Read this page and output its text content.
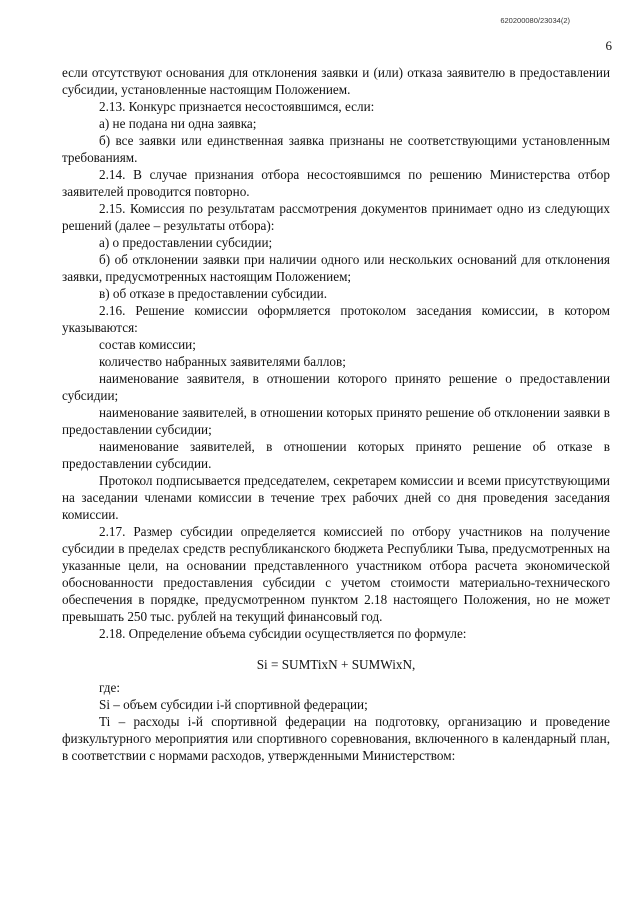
620200080/23034(2)
6

если отсутствуют основания для отклонения заявки и (или) отказа заявителю в предоставлении субсидии, установленные настоящим Положением.

2.13. Конкурс признается несостоявшимся, если:

а) не подана ни одна заявка;

б) все заявки или единственная заявка признаны не соответствующими установленным требованиям.

2.14. В случае признания отбора несостоявшимся по решению Министерства отбор заявителей проводится повторно.

2.15. Комиссия по результатам рассмотрения документов принимает одно из следующих решений (далее – результаты отбора):

а) о предоставлении субсидии;

б) об отклонении заявки при наличии одного или нескольких оснований для отклонения заявки, предусмотренных настоящим Положением;

в) об отказе в предоставлении субсидии.

2.16. Решение комиссии оформляется протоколом заседания комиссии, в котором указываются:

состав комиссии;

количество набранных заявителями баллов;

наименование заявителя, в отношении которого принято решение о предоставлении субсидии;

наименование заявителей, в отношении которых принято решение об отклонении заявки в предоставлении субсидии;

наименование заявителей, в отношении которых принято решение об отказе в предоставлении субсидии.

Протокол подписывается председателем, секретарем комиссии и всеми присутствующими на заседании членами комиссии в течение трех рабочих дней со дня проведения заседания комиссии.

2.17. Размер субсидии определяется комиссией по отбору участников на получение субсидии в пределах средств республиканского бюджета Республики Тыва, предусмотренных на указанные цели, на основании представленного участником отбора расчета экономической обоснованности предоставления субсидии с учетом стоимости материально-технического обеспечения в порядке, предусмотренном пунктом 2.18 настоящего Положения, но не может превышать 250 тыс. рублей на текущий финансовый год.

2.18. Определение объема субсидии осуществляется по формуле:

Si = SUMTixN + SUMWixN,

где:

Si – объем субсидии i-й спортивной федерации;

Ti – расходы i-й спортивной федерации на подготовку, организацию и проведение физкультурного мероприятия или спортивного соревнования, включенного в календарный план, в соответствии с нормами расходов, утвержденными Министерством:
